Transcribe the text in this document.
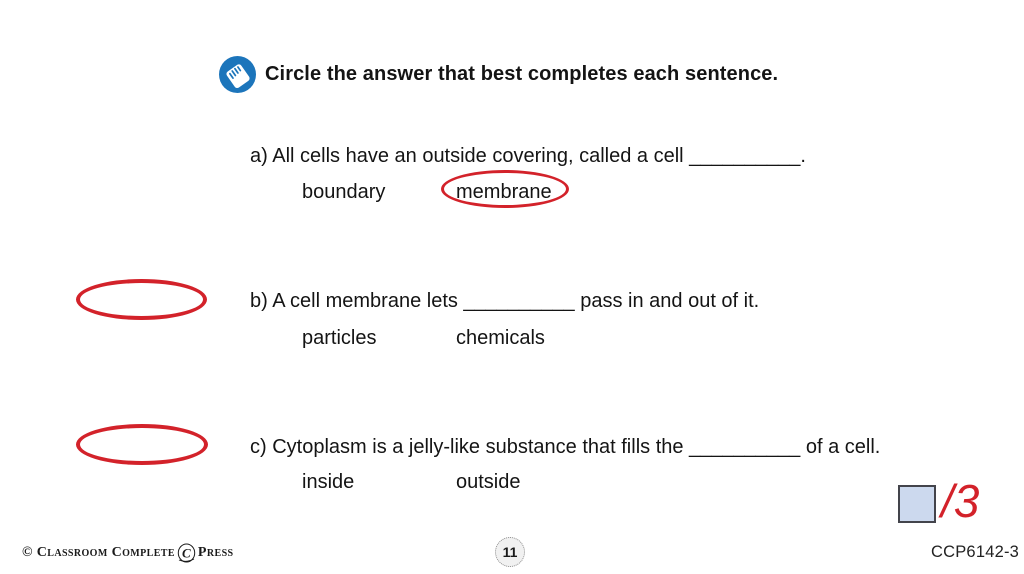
Circle the answer that best completes each sentence.
a) All cells have an outside covering, called a cell __________.
boundary	membrane
b) A cell membrane lets __________ pass in and out of it.
particles	chemicals
c) Cytoplasm is a jelly-like substance that fills the __________ of a cell.
inside	outside	/3
CCP6142-3
11
© Classroom Complete C Press
